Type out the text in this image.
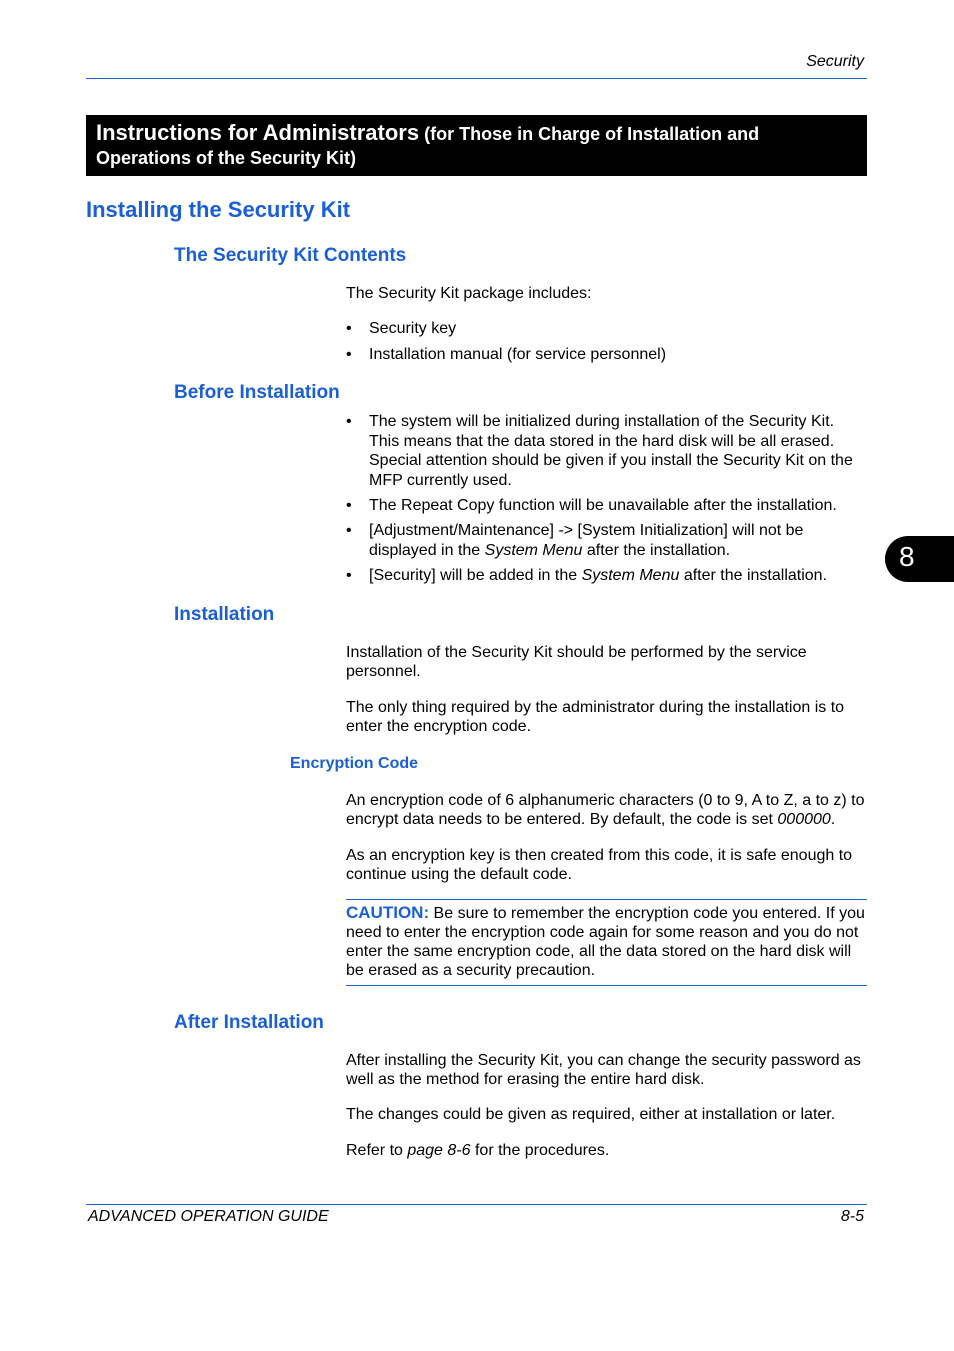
Security
Instructions for Administrators (for Those in Charge of Installation and
Operations of the Security Kit)
Installing the Security Kit
The Security Kit Contents
The Security Kit package includes:
• Security key
• Installation manual (for service personnel)
Before Installation
• The system will be initialized during installation of the Security Kit. This means that the data stored in the hard disk will be all erased. Special attention should be given if you install the Security Kit on the MFP currently used.
• The Repeat Copy function will be unavailable after the installation.
• [Adjustment/Maintenance] -> [System Initialization] will not be displayed in the System Menu after the installation.
• [Security] will be added in the System Menu after the installation.
Installation
Installation of the Security Kit should be performed by the service personnel.
The only thing required by the administrator during the installation is to enter the encryption code.
Encryption Code
An encryption code of 6 alphanumeric characters (0 to 9, A to Z, a to z) to encrypt data needs to be entered. By default, the code is set 000000.
As an encryption key is then created from this code, it is safe enough to continue using the default code.
CAUTION: Be sure to remember the encryption code you entered. If you need to enter the encryption code again for some reason and you do not enter the same encryption code, all the data stored on the hard disk will be erased as a security precaution.
After Installation
After installing the Security Kit, you can change the security password as well as the method for erasing the entire hard disk.
The changes could be given as required, either at installation or later.
Refer to page 8-6 for the procedures.
ADVANCED OPERATION GUIDE	8-5
8
